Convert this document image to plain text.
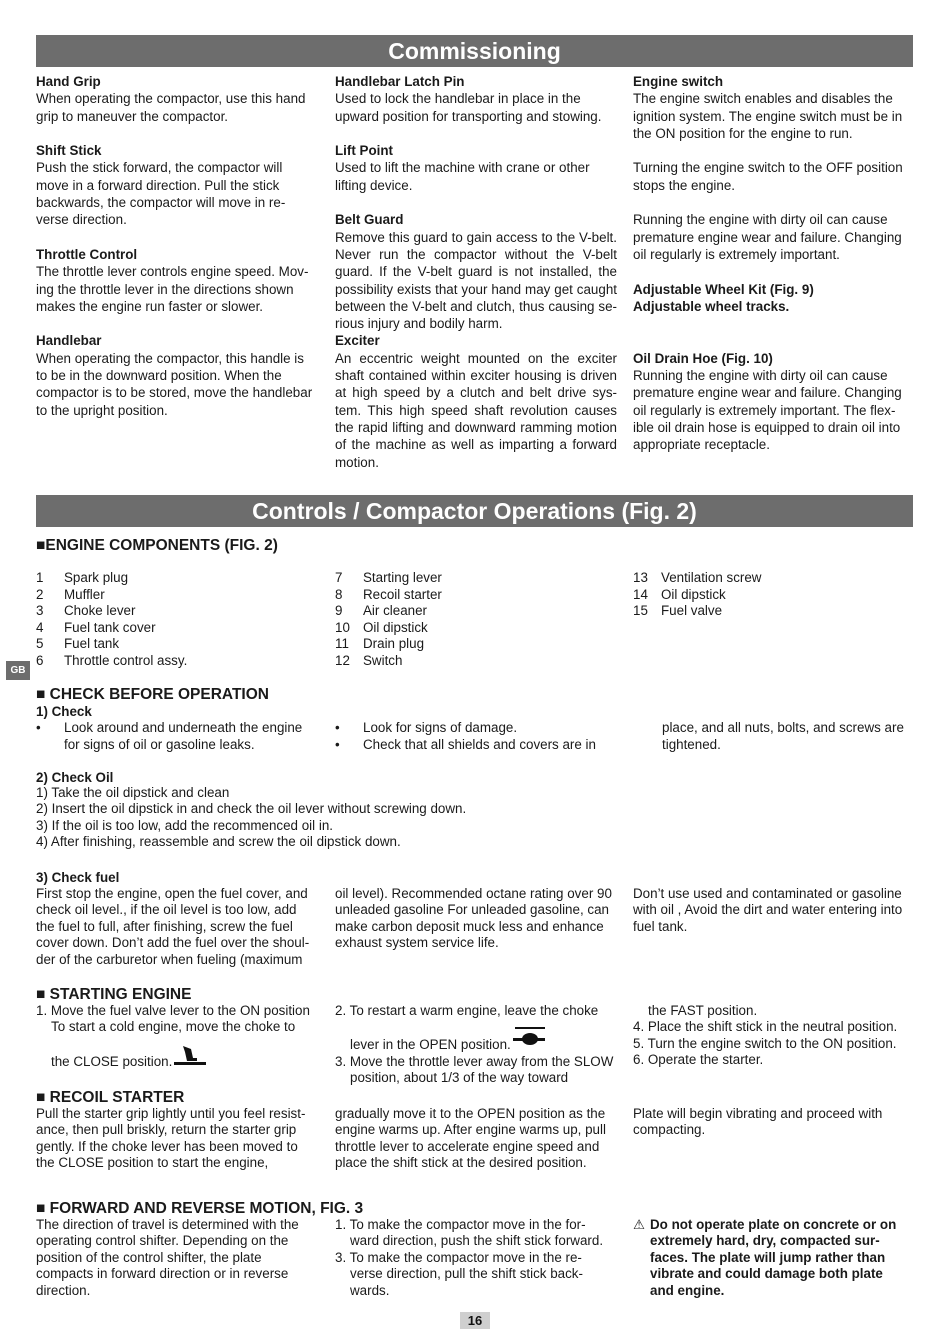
Commissioning
Hand Grip
When operating the compactor, use this hand grip to maneuver the compactor.
Shift Stick
Push the stick forward, the compactor will move in a forward direction. Pull the stick backwards, the compactor will move in re-verse direction.
Throttle Control
The throttle lever controls engine speed. Mov-ing the throttle lever in the directions shown makes the engine run faster or slower.
Handlebar
When operating the compactor, this handle is to be in the downward position. When the compactor is to be stored, move the handlebar to the upright position.
Handlebar Latch Pin
Used to lock the handlebar in place in the upward position for transporting and stowing.
Lift Point
Used to lift the machine with crane or other lifting device.
Belt Guard
Remove this guard to gain access to the V-belt. Never run the compactor without the V-belt guard. If the V-belt guard is not installed, the possibility exists that your hand may get caught between the V-belt and clutch, thus causing se-rious injury and bodily harm.
Exciter
An eccentric weight mounted on the exciter shaft contained within exciter housing is driven at high speed by a clutch and belt drive sys-tem. This high speed shaft revolution causes the rapid lifting and downward ramming motion of the machine as well as imparting a forward motion.
Engine switch
The engine switch enables and disables the ignition system. The engine switch must be in the ON position for the engine to run.
Turning the engine switch to the OFF position stops the engine.
Running the engine with dirty oil can cause premature engine wear and failure. Changing oil regularly is extremely important.
Adjustable Wheel Kit (Fig. 9)
Adjustable wheel tracks.
Oil Drain Hoe (Fig. 10)
Running the engine with dirty oil can cause premature engine wear and failure. Changing oil regularly is extremely important. The flex-ible oil drain hose is equipped to drain oil into appropriate receptacle.
Controls / Compactor Operations (Fig. 2)
■ENGINE COMPONENTS (FIG. 2)
1	Spark plug
2	Muffler
3	Choke lever
4	Fuel tank cover
5	Fuel tank
6	Throttle control assy.
7	Starting lever
8	Recoil starter
9	Air cleaner
10 Oil dipstick
11	Drain plug
12 Switch
13 Ventilation screw
14 Oil dipstick
15 Fuel valve
GB
■ CHECK BEFORE OPERATION
1) Check
•	Look around and underneath the engine for signs of oil or gasoline leaks.
•	Look for signs of damage.
•	Check that all shields and covers are in
place, and all nuts, bolts, and screws are tightened.
2) Check Oil
1) Take the oil dipstick and clean
2) Insert the oil dipstick in and check the oil lever without screwing down.
3) If the oil is too low, add the recommenced oil in.
4) After finishing, reassemble and screw the oil dipstick down.
3) Check fuel
First stop the engine, open the fuel cover, and check oil level., if the oil level is too low, add the fuel to full, after finishing, screw the fuel cover down. Don’t add the fuel over the shoul-der of the carburetor when fueling (maximum
oil level). Recommended octane rating over 90 unleaded gasoline For unleaded gasoline, can make carbon deposit muck less and enhance exhaust system service life.
Don’t use used and contaminated or gasoline with oil , Avoid the dirt and water entering into fuel tank.
■ STARTING ENGINE
1. Move the fuel valve lever to the ON position
To start a cold engine, move the choke to
the CLOSE position.
2. To restart a warm engine, leave the choke
lever in the OPEN position.
3. Move the throttle lever away from the SLOW position, about 1/3 of the way toward
the FAST position.
4. Place the shift stick in the neutral position.
5. Turn the engine switch to the ON position.
6. Operate the starter.
■ RECOIL STARTER
Pull the starter grip lightly until you feel resist-ance, then pull briskly, return the starter grip gently. If the choke lever has been moved to the CLOSE position to start the engine,
gradually move it to the OPEN position as the engine warms up. After engine warms up, pull throttle lever to accelerate engine speed and place the shift stick at the desired position.
Plate will begin vibrating and proceed with compacting.
■ FORWARD AND REVERSE MOTION, FIG. 3
The direction of travel is determined with the operating control shifter. Depending on the position of the control shifter, the plate compacts in forward direction or in reverse direction.
1. To make the compactor move in the for-ward direction, push the shift stick forward.
3. To make the compactor move in the re-verse direction, pull the shift stick back-wards.
⚠ Do not operate plate on concrete or on extremely hard, dry, compacted sur-faces. The plate will jump rather than vibrate and could damage both plate and engine.
16
